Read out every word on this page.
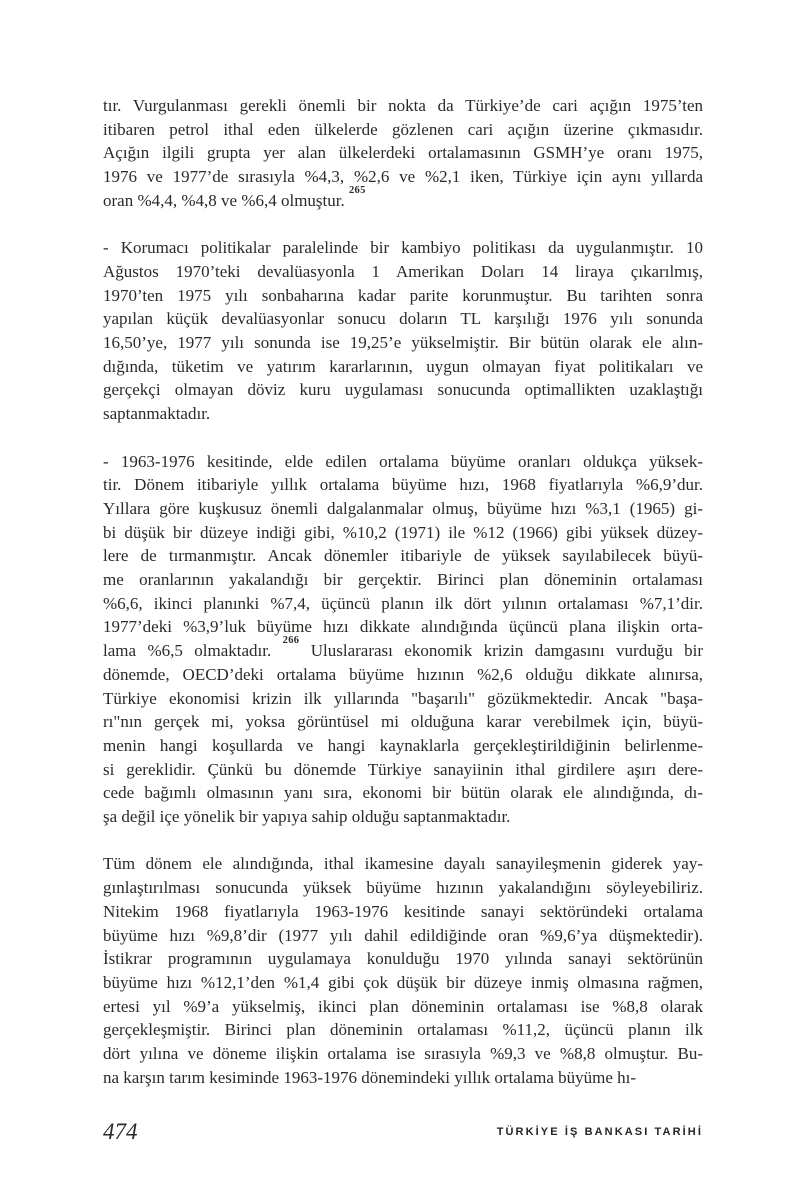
tır. Vurgulanması gerekli önemli bir nokta da Türkiye’de cari açığın 1975’ten
itibaren petrol ithal eden ülkelerde gözlenen cari açığın üzerine çıkmasıdır.
Açığın ilgili grupta yer alan ülkelerdeki ortalamasının GSMH’ye oranı 1975,
1976 ve 1977’de sırasıyla %4,3, %2,6 ve %2,1 iken, Türkiye için aynı yıllarda
oran %4,4, %4,8 ve %6,4 olmuştur. $^{265}$
- Korumacı politikalar paralelinde bir kambiyo politikası da uygulanmıştır. 10
Ağustos 1970’teki devalüasyonla 1 Amerikan Doları 14 liraya çıkarılmış,
1970’ten 1975 yılı sonbaharına kadar parite korunmuştur. Bu tarihten sonra
yapılan küçük devalüasyonlar sonucu doların TL karşılığı 1976 yılı sonunda
16,50’ye, 1977 yılı sonunda ise 19,25’e yükselmiştir. Bir bütün olarak ele alın-
dığında, tüketim ve yatırım kararlarının, uygun olmayan fiyat politikaları ve
gerçekçi olmayan döviz kuru uygulaması sonucunda optimallikten uzaklaştığı
saptanmaktadır.
- 1963-1976 kesitinde, elde edilen ortalama büyüme oranları oldukça yüksek-
tir. Dönem itibariyle yıllık ortalama büyüme hızı, 1968 fiyatlarıyla %6,9’dur.
Yıllara göre kuşkusuz önemli dalgalanmalar olmuş, büyüme hızı %3,1 (1965) gi-
bi düşük bir düzeye indiği gibi, %10,2 (1971) ile %12 (1966) gibi yüksek düzey-
lere de tırmanmıştır. Ancak dönemler itibariyle de yüksek sayılabilecek büyü-
me oranlarının yakalandığı bir gerçektir. Birinci plan döneminin ortalaması
%6,6, ikinci planınki %7,4, üçüncü planın ilk dört yılının ortalaması %7,1’dir.
1977’deki %3,9’luk büyüme hızı dikkate alındığında üçüncü plana ilişkin orta-
lama %6,5 olmaktadır. $^{266}$ Uluslararası ekonomik krizin damgasını vurduğu bir
dönemde, OECD’deki ortalama büyüme hızının %2,6 olduğu dikkate alınırsa,
Türkiye ekonomisi krizin ilk yıllarında "başarılı" gözükmektedir. Ancak "başa-
rı"nın gerçek mi, yoksa görüntüsel mi olduğuna karar verebilmek için, büyü-
menin hangi koşullarda ve hangi kaynaklarla gerçekleştirildiğinin belirlenme-
si gereklidir. Çünkü bu dönemde Türkiye sanayiinin ithal girdilere aşırı dere-
cede bağımlı olmasının yanı sıra, ekonomi bir bütün olarak ele alındığında, dı-
şa değil içe yönelik bir yapıya sahip olduğu saptanmaktadır.
Tüm dönem ele alındığında, ithal ikamesine dayalı sanayileşmenin giderek yay-
gınlaştırılması sonucunda yüksek büyüme hızının yakalandığını söyleyebiliriz.
Nitekim 1968 fiyatlarıyla 1963-1976 kesitinde sanayi sektöründeki ortalama
büyüme hızı %9,8’dir (1977 yılı dahil edildiğinde oran %9,6’ya düşmektedir).
İstikrar programının uygulamaya konulduğu 1970 yılında sanayi sektörünün
büyüme hızı %12,1’den %1,4 gibi çok düşük bir düzeye inmiş olmasına rağmen,
ertesi yıl %9’a yükselmiş, ikinci plan döneminin ortalaması ise %8,8 olarak
gerçekleşmiştir. Birinci plan döneminin ortalaması %11,2, üçüncü planın ilk
dört yılına ve döneme ilişkin ortalama ise sırasıyla %9,3 ve %8,8 olmuştur. Bu-
na karşın tarım kesiminde 1963-1976 dönemindeki yıllık ortalama büyüme hı-
474	TÜRKİYE İŞ BANKASI TARİHİ
